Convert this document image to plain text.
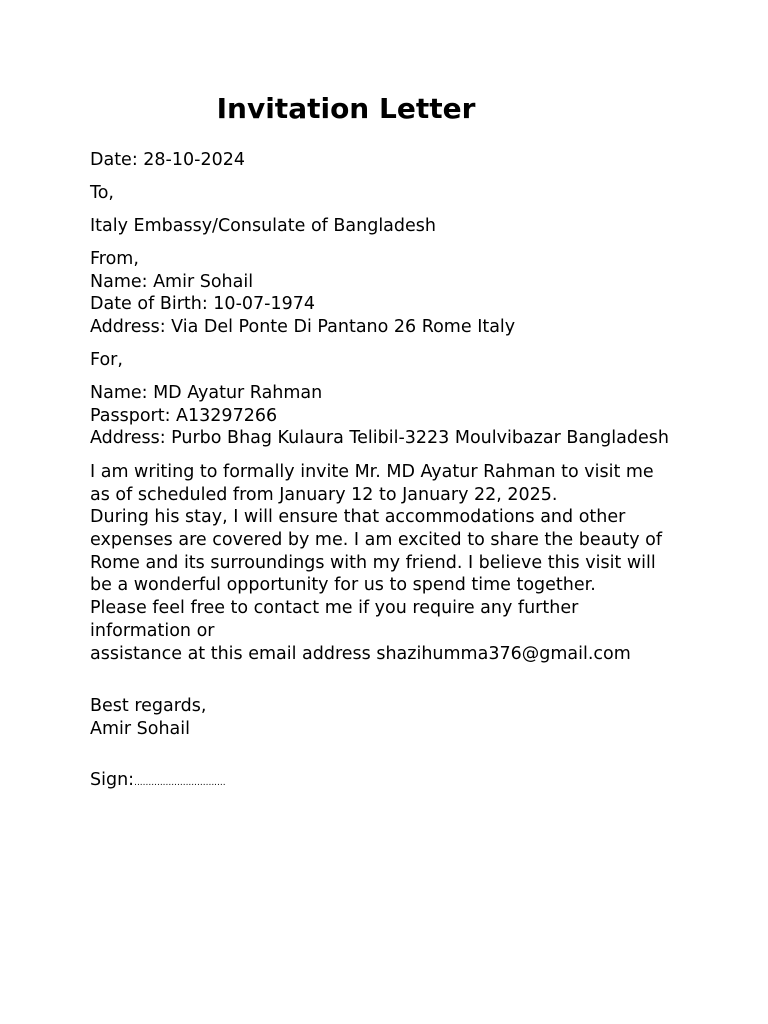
Invitation Letter
Date: 28-10-2024
To,
Italy Embassy/Consulate of Bangladesh
From,
Name: Amir Sohail
Date of Birth: 10-07-1974
Address: Via Del Ponte Di Pantano 26 Rome Italy
For,
Name: MD Ayatur Rahman
Passport: A13297266
Address: Purbo Bhag Kulaura Telibil-3223 Moulvibazar Bangladesh
I am writing to formally invite Mr. MD Ayatur Rahman to visit me
as of scheduled from January 12 to January 22, 2025.
During his stay, I will ensure that accommodations and other
expenses are covered by me. I am excited to share the beauty of
Rome and its surroundings with my friend. I believe this visit will
be a wonderful opportunity for us to spend time together.
Please feel free to contact me if you require any further
information or
assistance at this email address shazihumma376@gmail.com
Best regards,
Amir Sohail
Sign:................................
